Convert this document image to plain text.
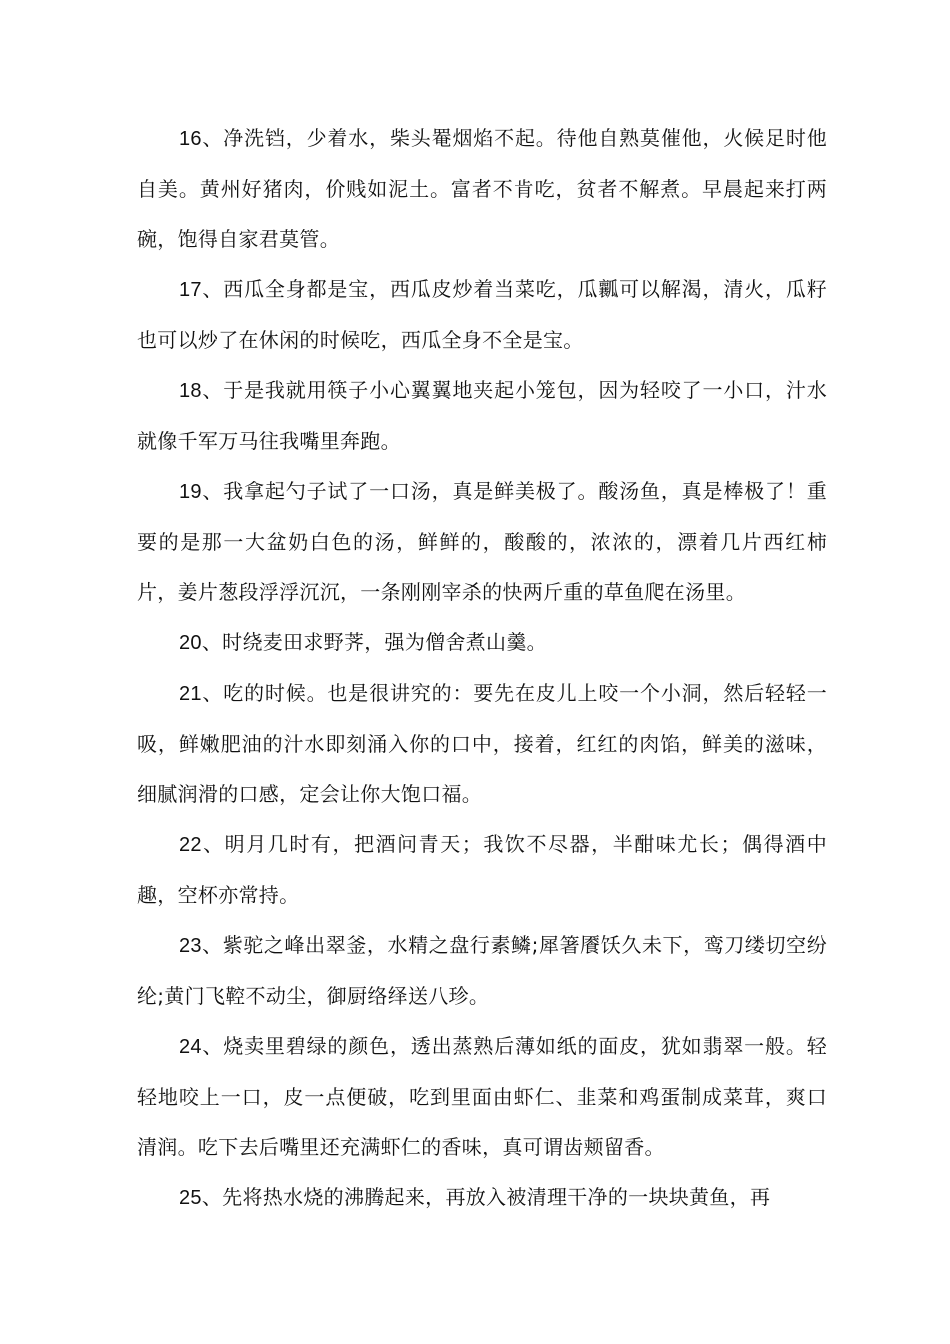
16、净洗铛，少着水，柴头罨烟焰不起。待他自熟莫催他，火候足时他自美。黄州好猪肉，价贱如泥土。富者不肯吃，贫者不解煮。早晨起来打两碗，饱得自家君莫管。

17、西瓜全身都是宝，西瓜皮炒着当菜吃，瓜瓤可以解渴，清火，瓜籽也可以炒了在休闲的时候吃，西瓜全身不全是宝。

18、于是我就用筷子小心翼翼地夹起小笼包，因为轻咬了一小口，汁水就像千军万马往我嘴里奔跑。

19、我拿起勺子试了一口汤，真是鲜美极了。酸汤鱼，真是棒极了！重要的是那一大盆奶白色的汤，鲜鲜的，酸酸的，浓浓的，漂着几片西红柿片，姜片葱段浮浮沉沉，一条刚刚宰杀的快两斤重的草鱼爬在汤里。

20、时绕麦田求野荠，强为僧舍煮山羹。

21、吃的时候。也是很讲究的：要先在皮儿上咬一个小洞，然后轻轻一吸，鲜嫩肥油的汁水即刻涌入你的口中，接着，红红的肉馅，鲜美的滋味，细腻润滑的口感，定会让你大饱口福。

22、明月几时有，把酒问青天；我饮不尽器，半酣味尤长；偶得酒中趣，空杯亦常持。

23、紫驼之峰出翠釜，水精之盘行素鳞;犀箸餍饫久未下，鸾刀缕切空纷纶;黄门飞鞚不动尘，御厨络绎送八珍。

24、烧卖里碧绿的颜色，透出蒸熟后薄如纸的面皮，犹如翡翠一般。轻轻地咬上一口，皮一点便破，吃到里面由虾仁、韭菜和鸡蛋制成菜茸，爽口清润。吃下去后嘴里还充满虾仁的香味，真可谓齿颊留香。

25、先将热水烧的沸腾起来，再放入被清理干净的一块块黄鱼，再
